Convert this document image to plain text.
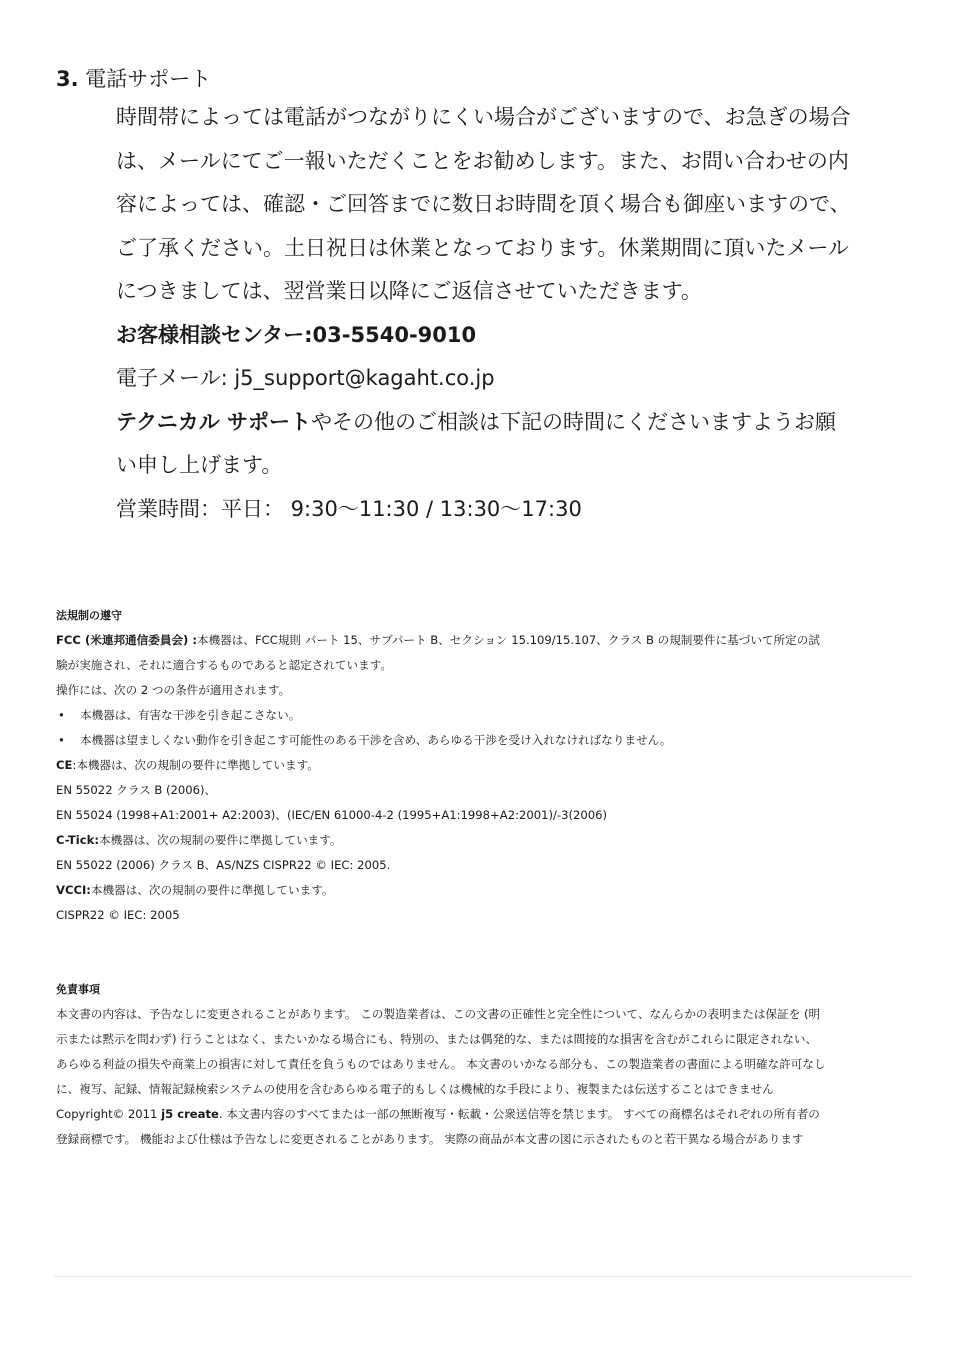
3. 電話サポート

時間帯によっては電話がつながりにくい場合がございますので、お急ぎの場合

は、メールにてご一報いただくことをお勧めします。また、お問い合わせの内

容によっては、確認・ご回答までに数日お時間を頂く場合も御座いますので、

ご了承ください。土日祝日は休業となっております。休業期間に頂いたメール

につきましては、翌営業日以降にご返信させていただきます。

お客様相談センター:03-5540-9010

電子メール: j5_support@kagaht.co.jp

テクニカル サポートやその他のご相談は下記の時間にくださいますようお願

い申し上げます。

営業時間：平日： 9:30～11:30 / 13:30～17:30

法規制の遵守

FCC (米連邦通信委員会) :本機器は、FCC規則 パート 15、サブパート B、セクション 15.109/15.107、クラス B の規制要件に基づいて所定の試

験が実施され、それに適合するものであると認定されています。

操作には、次の 2 つの条件が適用されます。

• 本機器は、有害な干渉を引き起こさない。

• 本機器は望ましくない動作を引き起こす可能性のある干渉を含め、あらゆる干渉を受け入れなければなりません。

CE:本機器は、次の規制の要件に準拠しています。

EN 55022 クラス B (2006)、

EN 55024 (1998+A1:2001+ A2:2003)、(IEC/EN 61000-4-2 (1995+A1:1998+A2:2001)/-3(2006)

C-Tick:本機器は、次の規制の要件に準拠しています。

EN 55022 (2006) クラス B、AS/NZS CISPR22 © IEC: 2005.

VCCI:本機器は、次の規制の要件に準拠しています。

CISPR22 © IEC: 2005

免責事項

本文書の内容は、予告なしに変更されることがあります。 この製造業者は、この文書の正確性と完全性について、なんらかの表明または保証を (明

示または黙示を問わず) 行うことはなく、またいかなる場合にも、特別の、または偶発的な、または間接的な損害を含むがこれらに限定されない、

あらゆる利益の損失や商業上の損害に対して責任を負うものではありません。 本文書のいかなる部分も、この製造業者の書面による明確な許可なし

に、複写、記録、情報記録検索システムの使用を含むあらゆる電子的もしくは機械的な手段により、複製または伝送することはできません

Copyright© 2011 j5 create. 本文書内容のすべてまたは一部の無断複写・転載・公衆送信等を禁じます。 すべての商標名はそれぞれの所有者の

登録商標です。 機能および仕様は予告なしに変更されることがあります。 実際の商品が本文書の図に示されたものと若干異なる場合があります
